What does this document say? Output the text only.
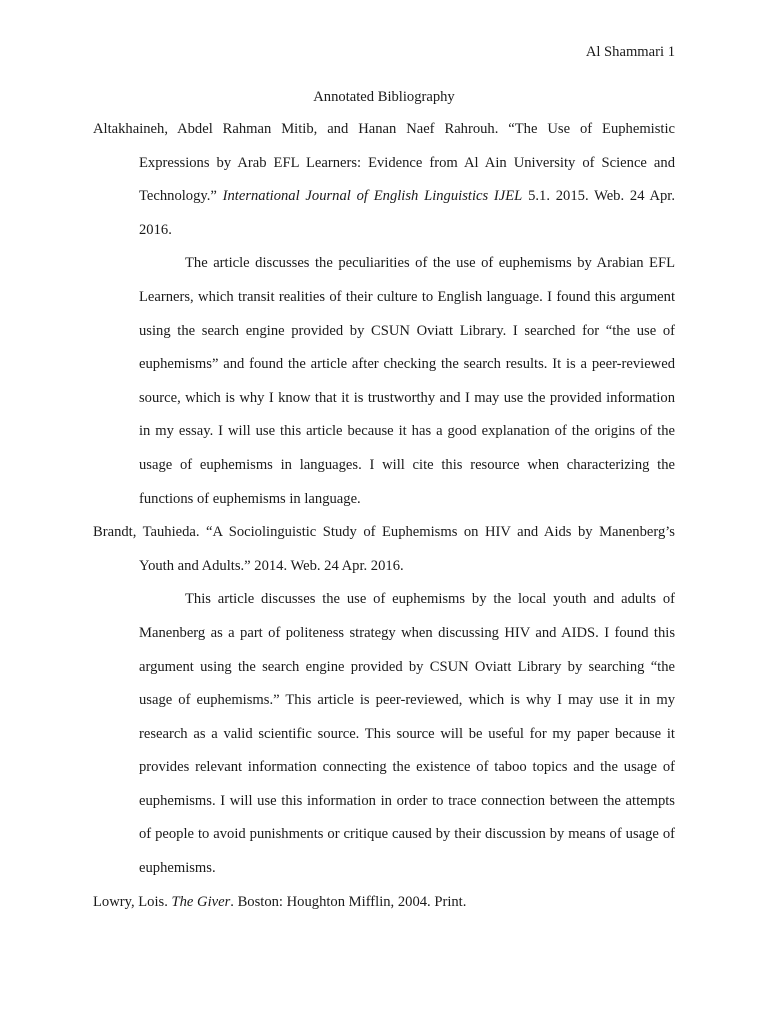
Al Shammari 1
Annotated Bibliography

Altakhaineh, Abdel Rahman Mitib, and Hanan Naef Rahrouh. “The Use of Euphemistic Expressions by Arab EFL Learners: Evidence from Al Ain University of Science and Technology.” International Journal of English Linguistics IJEL 5.1. 2015. Web. 24 Apr. 2016.

The article discusses the peculiarities of the use of euphemisms by Arabian EFL Learners, which transit realities of their culture to English language. I found this argument using the search engine provided by CSUN Oviatt Library. I searched for “the use of euphemisms” and found the article after checking the search results. It is a peer-reviewed source, which is why I know that it is trustworthy and I may use the provided information in my essay. I will use this article because it has a good explanation of the origins of the usage of euphemisms in languages. I will cite this resource when characterizing the functions of euphemisms in language.

Brandt, Tauhieda. “A Sociolinguistic Study of Euphemisms on HIV and Aids by Manenberg’s Youth and Adults.” 2014. Web. 24 Apr. 2016.

This article discusses the use of euphemisms by the local youth and adults of Manenberg as a part of politeness strategy when discussing HIV and AIDS. I found this argument using the search engine provided by CSUN Oviatt Library by searching “the usage of euphemisms.” This article is peer-reviewed, which is why I may use it in my research as a valid scientific source. This source will be useful for my paper because it provides relevant information connecting the existence of taboo topics and the usage of euphemisms. I will use this information in order to trace connection between the attempts of people to avoid punishments or critique caused by their discussion by means of usage of euphemisms.

Lowry, Lois. The Giver. Boston: Houghton Mifflin, 2004. Print.
